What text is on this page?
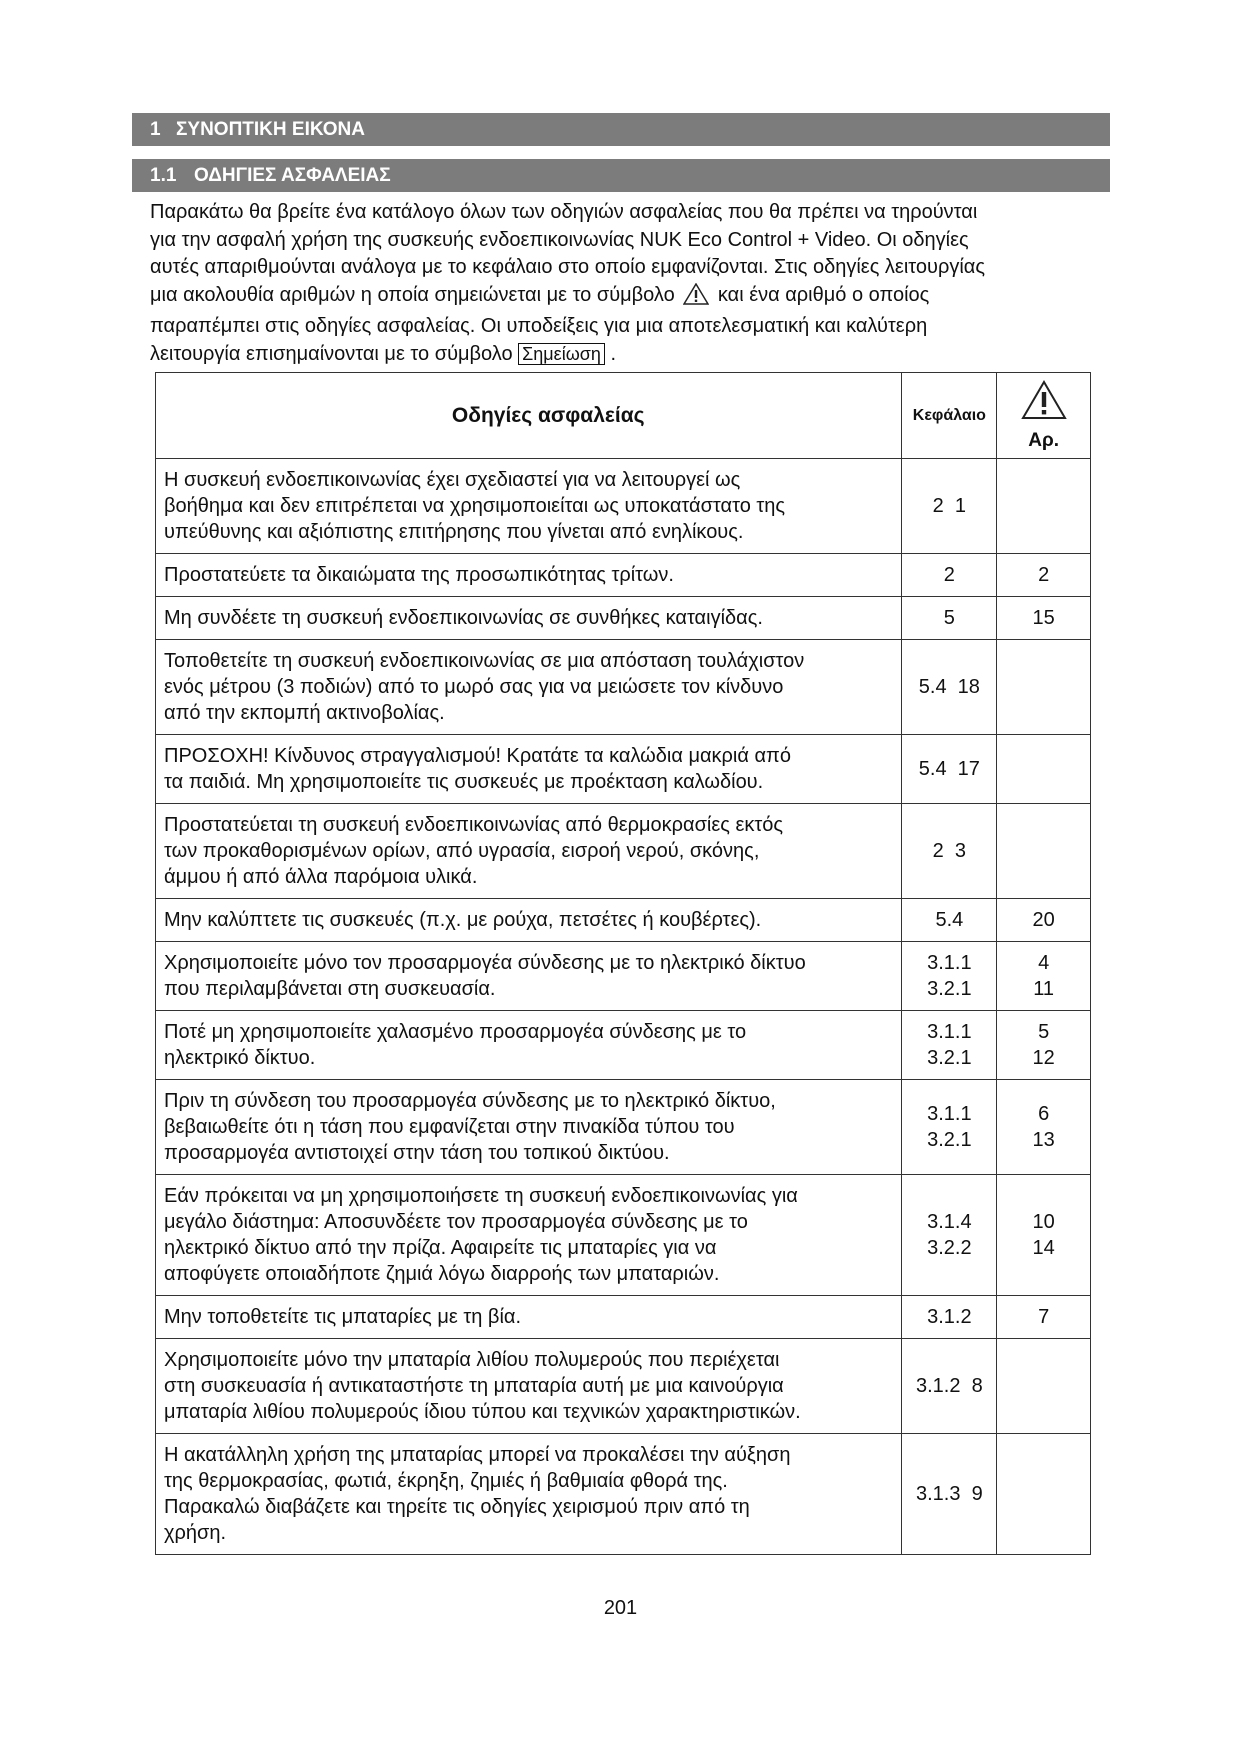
1 ΣΥΝΟΠΤΙΚΗ ΕΙΚΟΝΑ
1.1 ΟΔΗΓΙΕΣ ΑΣΦΑΛΕΙΑΣ
Παρακάτω θα βρείτε ένα κατάλογο όλων των οδηγιών ασφαλείας που θα πρέπει να τηρούνται
για την ασφαλή χρήση της συσκευής ενδοεπικοινωνίας NUK Eco Control + Video. Οι οδηγίες
αυτές απαριθμούνται ανάλογα με το κεφάλαιο στο οποίο εμφανίζονται. Στις οδηγίες λειτουργίας
μια ακολουθία αριθμών η οποία σημειώνεται με το σύμβολο και ένα αριθμό ο οποίος
παραπέμπει στις οδηγίες ασφαλείας. Οι υποδείξεις για μια αποτελεσματική και καλύτερη
λειτουργία επισημαίνονται με το σύμβολο Σημείωση .
Οδηγίες ασφαλείας	Κεφάλαιο	Αρ.

Η συσκευή ενδοεπικοινωνίας έχει σχεδιαστεί για να λειτουργεί ως
βοήθημα και δεν επιτρέπεται να χρησιμοποιείται ως υποκατάστατο της
υπεύθυνης και αξιόπιστης επιτήρησης που γίνεται από ενηλίκους.	2  1	

Προστατεύετε τα δικαιώματα της προσωπικότητας τρίτων.	2	2

Μη συνδέετε τη συσκευή ενδοεπικοινωνίας σε συνθήκες καταιγίδας.	5	15

Τοποθετείτε τη συσκευή ενδοεπικοινωνίας σε μια απόσταση τουλάχιστον
ενός μέτρου (3 ποδιών) από το μωρό σας για να μειώσετε τον κίνδυνο
από την εκπομπή ακτινοβολίας.	5.4  18	

ΠΡΟΣΟΧΗ! Κίνδυνος στραγγαλισμού! Κρατάτε τα καλώδια μακριά από
τα παιδιά. Μη χρησιμοποιείτε τις συσκευές με προέκταση καλωδίου.	5.4  17	

Προστατεύεται τη συσκευή ενδοεπικοινωνίας από θερμοκρασίες εκτός
των προκαθορισμένων ορίων, από υγρασία, εισροή νερού, σκόνης,
άμμου ή από άλλα παρόμοια υλικά.	2  3	

Μην καλύπτετε τις συσκευές (π.χ. με ρούχα, πετσέτες ή κουβέρτες).	5.4	20

Χρησιμοποιείτε μόνο τον προσαρμογέα σύνδεσης με το ηλεκτρικό δίκτυο
που περιλαμβάνεται στη συσκευασία.	3.1.1
3.2.1	4
11

Ποτέ μη χρησιμοποιείτε χαλασμένο προσαρμογέα σύνδεσης με το
ηλεκτρικό δίκτυο.	3.1.1
3.2.1	5
12

Πριν τη σύνδεση του προσαρμογέα σύνδεσης με το ηλεκτρικό δίκτυο,
βεβαιωθείτε ότι η τάση που εμφανίζεται στην πινακίδα τύπου του
προσαρμογέα αντιστοιχεί στην τάση του τοπικού δικτύου.	3.1.1
3.2.1	6
13

Εάν πρόκειται να μη χρησιμοποιήσετε τη συσκευή ενδοεπικοινωνίας για
μεγάλο διάστημα: Αποσυνδέετε τον προσαρμογέα σύνδεσης με το
ηλεκτρικό δίκτυο από την πρίζα. Αφαιρείτε τις μπαταρίες για να
αποφύγετε οποιαδήποτε ζημιά λόγω διαρροής των μπαταριών.	3.1.4
3.2.2	10
14

Μην τοποθετείτε τις μπαταρίες με τη βία.	3.1.2	7

Χρησιμοποιείτε μόνο την μπαταρία λιθίου πολυμερούς που περιέχεται
στη συσκευασία ή αντικαταστήστε τη μπαταρία αυτή με μια καινούργια
μπαταρία λιθίου πολυμερούς ίδιου τύπου και τεχνικών χαρακτηριστικών.	3.1.2  8	

Η ακατάλληλη χρήση της μπαταρίας μπορεί να προκαλέσει την αύξηση
της θερμοκρασίας, φωτιά, έκρηξη, ζημιές ή βαθμιαία φθορά της.
Παρακαλώ διαβάζετε και τηρείτε τις οδηγίες χειρισμού πριν από τη
χρήση.	3.1.3  9	

201
